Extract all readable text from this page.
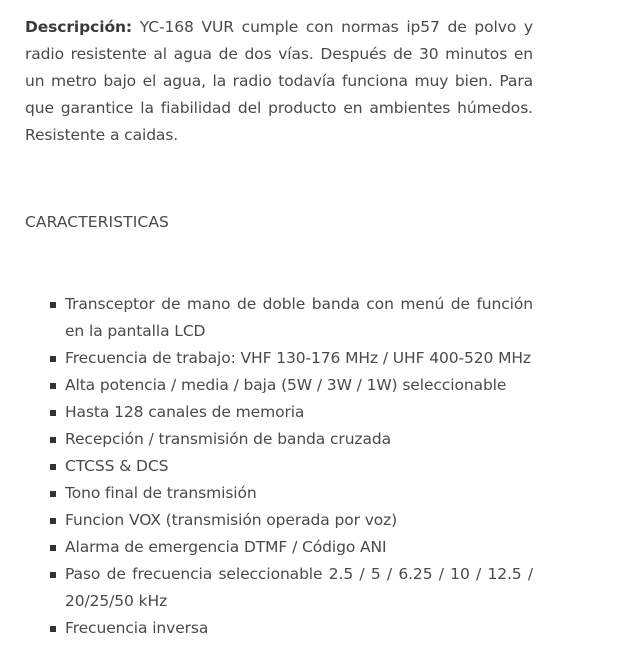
Descripción: YC-168 VUR cumple con normas ip57 de polvo y radio resistente al agua de dos vías. Después de 30 minutos en un metro bajo el agua, la radio todavía funciona muy bien. Para que garantice la fiabilidad del producto en ambientes húmedos. Resistente a caidas.

CARACTERISTICAS
Transceptor de mano de doble banda con menú de función en la pantalla LCD
Frecuencia de trabajo: VHF 130-176 MHz / UHF 400-520 MHz
Alta potencia / media / baja (5W / 3W / 1W) seleccionable
Hasta 128 canales de memoria
Recepción / transmisión de banda cruzada
CTCSS & DCS
Tono final de transmisión
Funcion VOX (transmisión operada por voz)
Alarma de emergencia DTMF / Código ANI
Paso de frecuencia seleccionable 2.5 / 5 / 6.25 / 10 / 12.5 / 20/25/50 kHz
Frecuencia inversa
